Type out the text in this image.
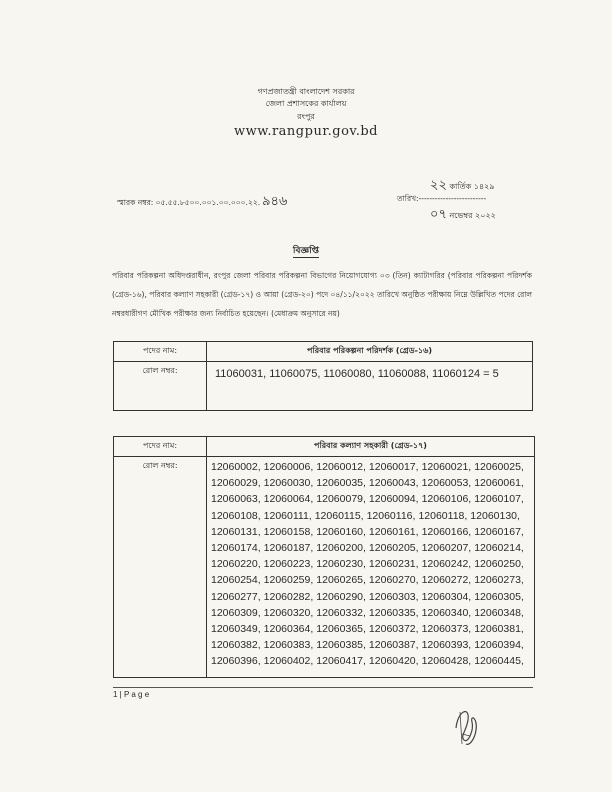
গণপ্রজাতন্ত্রী বাংলাদেশ সরকার
জেলা প্রশাসকের কার্যালয়
রংপুর
www.rangpur.gov.bd
স্মারক নম্বর: ০৫.৫৫.৮৫০০.০০১.০০.০০০.২২. ৯৪৬
২২ কার্তিক ১৪২৯
তারিখ:-------------------------
০৭ নভেম্বর ২০২২
বিজ্ঞপ্তি
পরিবার পরিকল্পনা অধিদপ্তরাধীন, রংপুর জেলা পরিবার পরিকল্পনা বিভাগের নিয়োগযোগ্য ০৩ (তিন) ক্যাটাগরির (পরিবার পরিকল্পনা পরিদর্শক (গ্রেড-১৬), পরিবার কল্যাণ সহকারী (গ্রেড-১৭) ও আয়া (গ্রেড-২০) পদে ০৪/১১/২০২২ তারিখে অনুষ্ঠিত পরীক্ষায় নিম্নে উল্লিখিত পদের রোল নম্বরধারীগণ মৌখিক পরীক্ষার জন্য নির্বাচিত হয়েছেন। (মেধাক্রম অনুসারে নয়)
পদের নাম:	পরিবার পরিকল্পনা পরিদর্শক (গ্রেড-১৬)
রোল নম্বর:	11060031, 11060075, 11060080, 11060088, 11060124 = 5
পদের নাম:	পরিবার কল্যাণ সহকারী (গ্রেড-১৭)
রোল নম্বর:	12060002, 12060006, 12060012, 12060017, 12060021, 12060025,12060029, 12060030, 12060035, 12060043, 12060053, 12060061,12060063, 12060064, 12060079, 12060094, 12060106, 12060107,12060108, 12060111, 12060115, 12060116, 12060118, 12060130,12060131, 12060158, 12060160, 12060161, 12060166, 12060167,12060174, 12060187, 12060200, 12060205, 12060207, 12060214,12060220, 12060223, 12060230, 12060231, 12060242, 12060250,12060254, 12060259, 12060265, 12060270, 12060272, 12060273,12060277, 12060282, 12060290, 12060303, 12060304, 12060305,12060309, 12060320, 12060332, 12060335, 12060340, 12060348,12060349, 12060364, 12060365, 12060372, 12060373, 12060381,12060382, 12060383, 12060385, 12060387, 12060393, 12060394,12060396, 12060402, 12060417, 12060420, 12060428, 12060445,
1 | P a g e
